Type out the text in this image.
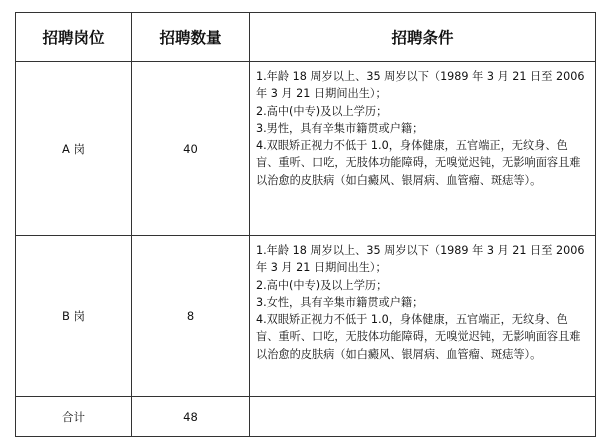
招聘岗位	招聘数量	招聘条件
A 岗	40	1.年龄 18 周岁以上、35 周岁以下（1989 年 3 月 21 日至 2006 年 3 月 21 日期间出生）；
2.高中(中专)及以上学历；
3.男性，具有辛集市籍贯或户籍；
4.双眼矫正视力不低于 1.0，身体健康，五官端正，无纹身、色盲、重听、口吃，无肢体功能障碍，无嗅觉迟钝，无影响面容且难以治愈的皮肤病（如白癜风、银屑病、血管瘤、斑痣等）。

B 岗	8	1.年龄 18 周岁以上、35 周岁以下（1989 年 3 月 21 日至 2006 年 3 月 21 日期间出生）；
2.高中(中专)及以上学历；
3.女性，具有辛集市籍贯或户籍；
4.双眼矫正视力不低于 1.0，身体健康，五官端正，无纹身、色盲、重听、口吃，无肢体功能障碍，无嗅觉迟钝，无影响面容且难以治愈的皮肤病（如白癜风、银屑病、血管瘤、斑痣等）。

合计	48	
